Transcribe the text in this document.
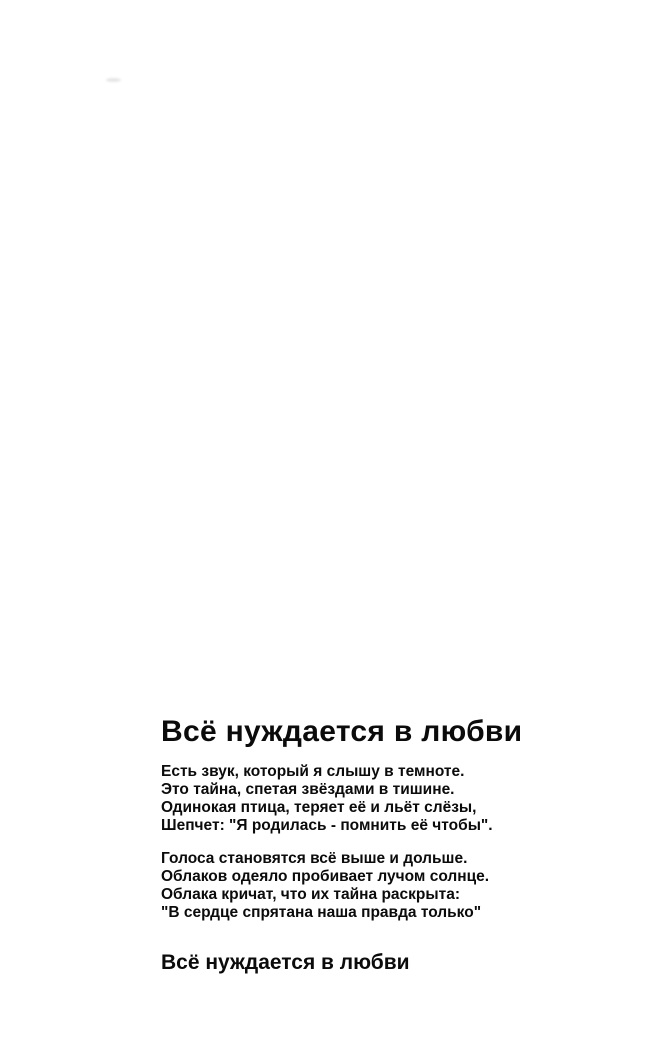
Всё нуждается в любви
Есть звук, который я слышу в темноте.
Это тайна, спетая звёздами в тишине.
Одинокая птица, теряет её и льёт слёзы,
Шепчет: "Я родилась - помнить её чтобы".
Голоса становятся всё выше и дольше.
Облаков одеяло пробивает лучом солнце.
Облака кричат, что их тайна раскрыта:
"В сердце спрятана наша правда только"
Всё нуждается в любви
